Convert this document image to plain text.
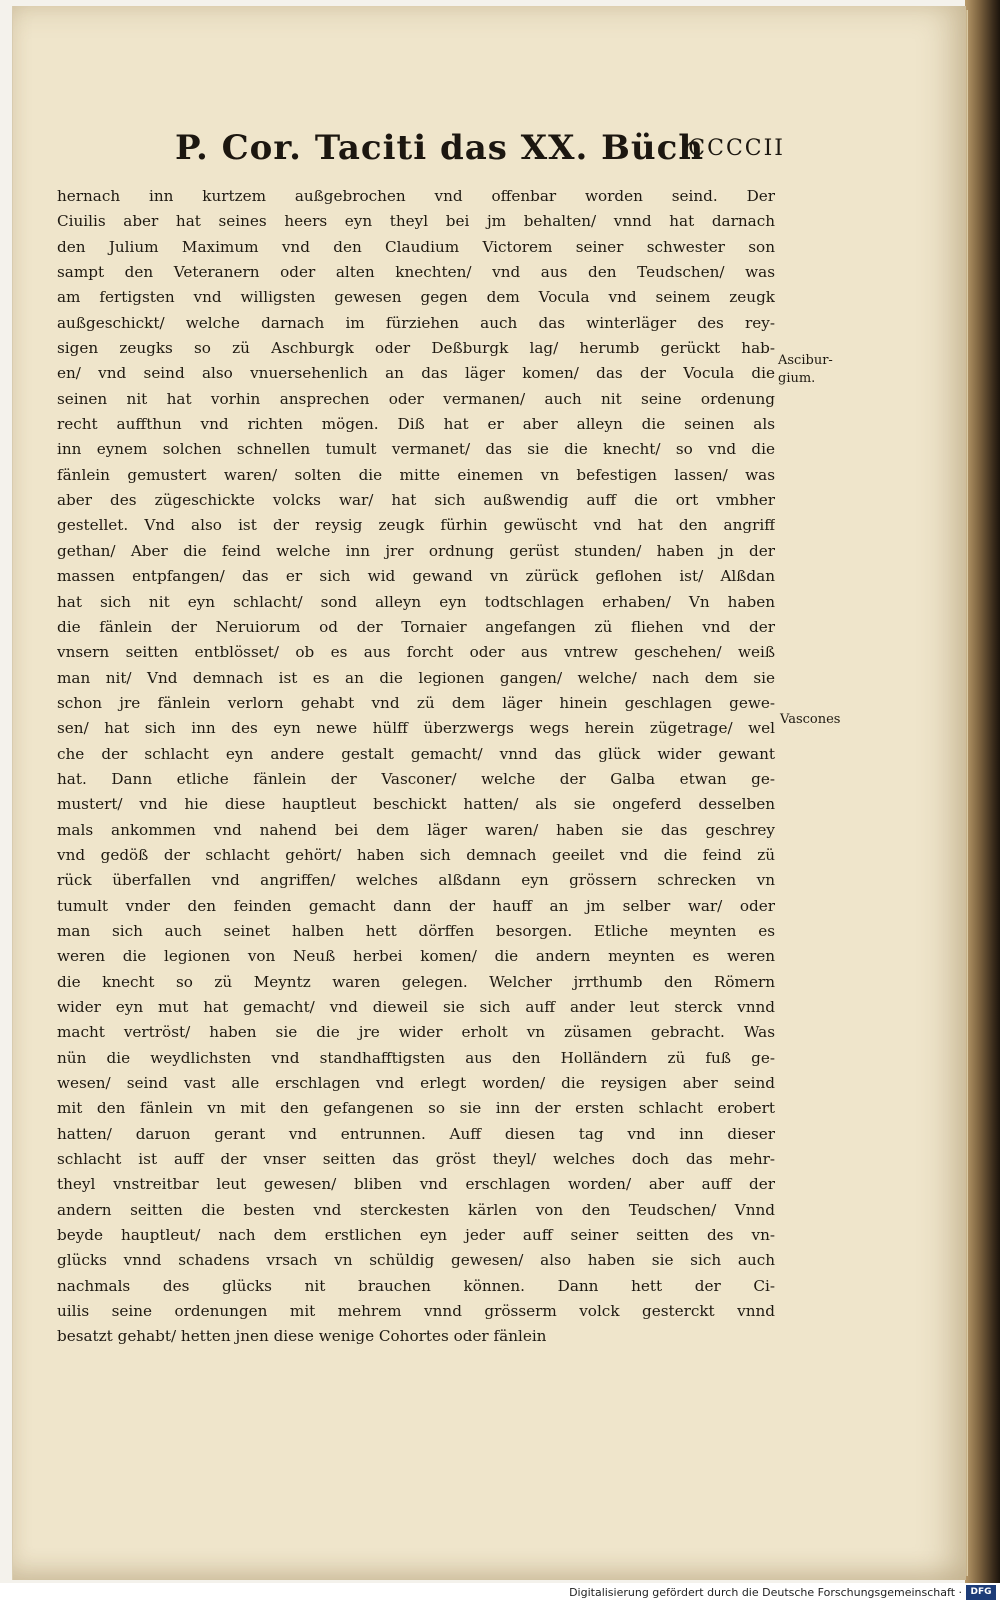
P. Cor. Taciti das XX. Büch
CCCCII
hernach inn kurtzem außgebrochen vnd offenbar worden seind. Der
Ciuilis aber hat seines heers eyn theyl bei jm behalten/ vnnd hat darnach
den Julium Maximum vnd den Claudium Victorem seiner schwester son
sampt den Veteranern oder alten knechten/ vnd aus den Teudschen/ was
am fertigsten vnd willigsten gewesen gegen dem Vocula vnd seinem zeugk
außgeschickt/ welche darnach im fürziehen auch das winterläger des rey-
sigen zeugks so zü Aschburgk oder Deßburgk lag/ herumb gerückt hab-
en/ vnd seind also vnuersehenlich an das läger komen/ das der Vocula die
seinen nit hat vorhin ansprechen oder vermanen/ auch nit seine ordenung
recht auffthun vnd richten mögen. Diß hat er aber alleyn die seinen als
inn eynem solchen schnellen tumult vermanet/ das sie die knecht/ so vnd die
fänlein gemustert waren/ solten die mitte einemen vn befestigen lassen/ was
aber des zügeschickte volcks war/ hat sich außwendig auff die ort vmbher
gestellet. Vnd also ist der reysig zeugk fürhin gewüscht vnd hat den angriff
gethan/ Aber die feind welche inn jrer ordnung gerüst stunden/ haben jn der
massen entpfangen/ das er sich wid gewand vn zürück geflohen ist/ Alßdan
hat sich nit eyn schlacht/ sond alleyn eyn todtschlagen erhaben/ Vn haben
die fänlein der Neruiorum od der Tornaier angefangen zü fliehen vnd der
vnsern seitten entblösset/ ob es aus forcht oder aus vntrew geschehen/ weiß
man nit/ Vnd demnach ist es an die legionen gangen/ welche/ nach dem sie
schon jre fänlein verlorn gehabt vnd zü dem läger hinein geschlagen gewe-
sen/ hat sich inn des eyn newe hülff überzwergs wegs herein zügetrage/ wel
che der schlacht eyn andere gestalt gemacht/ vnnd das glück wider gewant
hat. Dann etliche fänlein der Vasconer/ welche der Galba etwan ge-
mustert/ vnd hie diese hauptleut beschickt hatten/ als sie ongeferd desselben
mals ankommen vnd nahend bei dem läger waren/ haben sie das geschrey
vnd gedöß der schlacht gehört/ haben sich demnach geeilet vnd die feind zü
rück überfallen vnd angriffen/ welches alßdann eyn grössern schrecken vn
tumult vnder den feinden gemacht dann der hauff an jm selber war/ oder
man sich auch seinet halben hett dörffen besorgen. Etliche meynten es
weren die legionen von Neuß herbei komen/ die andern meynten es weren
die knecht so zü Meyntz waren gelegen. Welcher jrrthumb den Römern
wider eyn mut hat gemacht/ vnd dieweil sie sich auff ander leut sterck vnnd
macht vertröst/ haben sie die jre wider erholt vn züsamen gebracht. Was
nün die weydlichsten vnd standhafftigsten aus den Holländern zü fuß ge-
wesen/ seind vast alle erschlagen vnd erlegt worden/ die reysigen aber seind
mit den fänlein vn mit den gefangenen so sie inn der ersten schlacht erobert
hatten/ daruon gerant vnd entrunnen. Auff diesen tag vnd inn dieser
schlacht ist auff der vnser seitten das gröst theyl/ welches doch das mehr-
theyl vnstreitbar leut gewesen/ bliben vnd erschlagen worden/ aber auff der
andern seitten die besten vnd sterckesten kärlen von den Teudschen/ Vnnd
beyde hauptleut/ nach dem erstlichen eyn jeder auff seiner seitten des vn-
glücks vnnd schadens vrsach vn schüldig gewesen/ also haben sie sich auch
nachmals des glücks nit brauchen können. Dann hett der Ci-
uilis seine ordenungen mit mehrem vnnd grösserm volck gesterckt vnnd
besatzt gehabt/ hetten jnen diese wenige Cohortes oder fänlein
Ascibur-
gium.
Vascones
Digitalisierung gefördert durch die Deutsche Forschungsgemeinschaft · DFG
